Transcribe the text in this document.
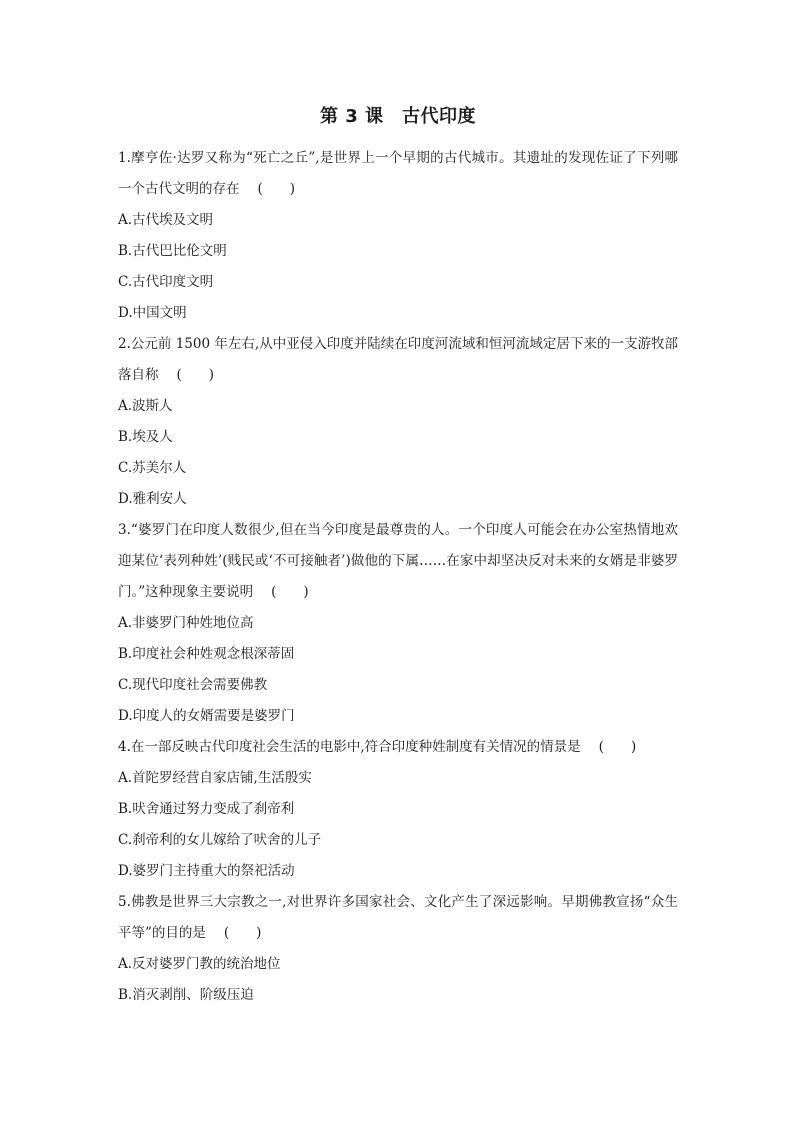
第 3 课　古代印度

1.摩亨佐·达罗又称为“死亡之丘”,是世界上一个早期的古代城市。其遗址的发现佐证了下列哪一个古代文明的存在 (　　)

A.古代埃及文明

B.古代巴比伦文明

C.古代印度文明

D.中国文明

2.公元前 1500 年左右,从中亚侵入印度并陆续在印度河流域和恒河流域定居下来的一支游牧部落自称 (　　)

A.波斯人

B.埃及人

C.苏美尔人

D.雅利安人

3.“婆罗门在印度人数很少,但在当今印度是最尊贵的人。一个印度人可能会在办公室热情地欢迎某位‘表列种姓’(贱民或‘不可接触者’)做他的下属……在家中却坚决反对未来的女婿是非婆罗门。”这种现象主要说明 (　　)

A.非婆罗门种姓地位高

B.印度社会种姓观念根深蒂固

C.现代印度社会需要佛教

D.印度人的女婿需要是婆罗门

4.在一部反映古代印度社会生活的电影中,符合印度种姓制度有关情况的情景是 (　　)

A.首陀罗经营自家店铺,生活殷实

B.吠舍通过努力变成了刹帝利

C.刹帝利的女儿嫁给了吠舍的儿子

D.婆罗门主持重大的祭祀活动

5.佛教是世界三大宗教之一,对世界许多国家社会、文化产生了深远影响。早期佛教宣扬“众生平等”的目的是 (　　)

A.反对婆罗门教的统治地位

B.消灭剥削、阶级压迫
